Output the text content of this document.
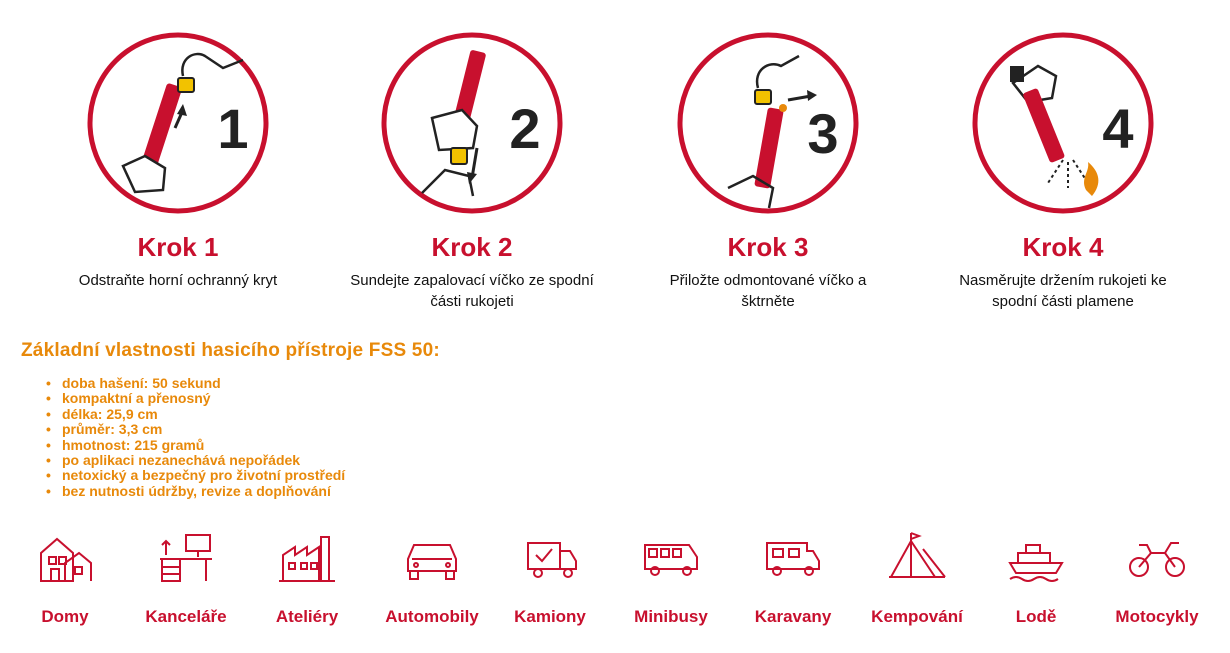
1
Krok 1
Odstraňte horní ochranný kryt
2
Krok 2
Sundejte zapalovací víčko ze spodní části rukojeti
3
Krok 3
Přiložte odmontované víčko a šktrněte
4
Krok 4
Nasměrujte držením rukojeti ke spodní části plamene
Základní vlastnosti hasicího přístroje FSS 50:
• doba hašení: 50 sekund
• kompaktní a přenosný
• délka: 25,9 cm
• průměr: 3,3 cm
• hmotnost: 215 gramů
• po aplikaci nezanechává nepořádek
• netoxický a bezpečný pro životní prostředí
• bez nutnosti údržby, revize a doplňování
Domy	Kanceláře	Ateliéry	Automobily	Kamiony	Minibusy	Karavany	Kempování	Lodě	Motocykly
